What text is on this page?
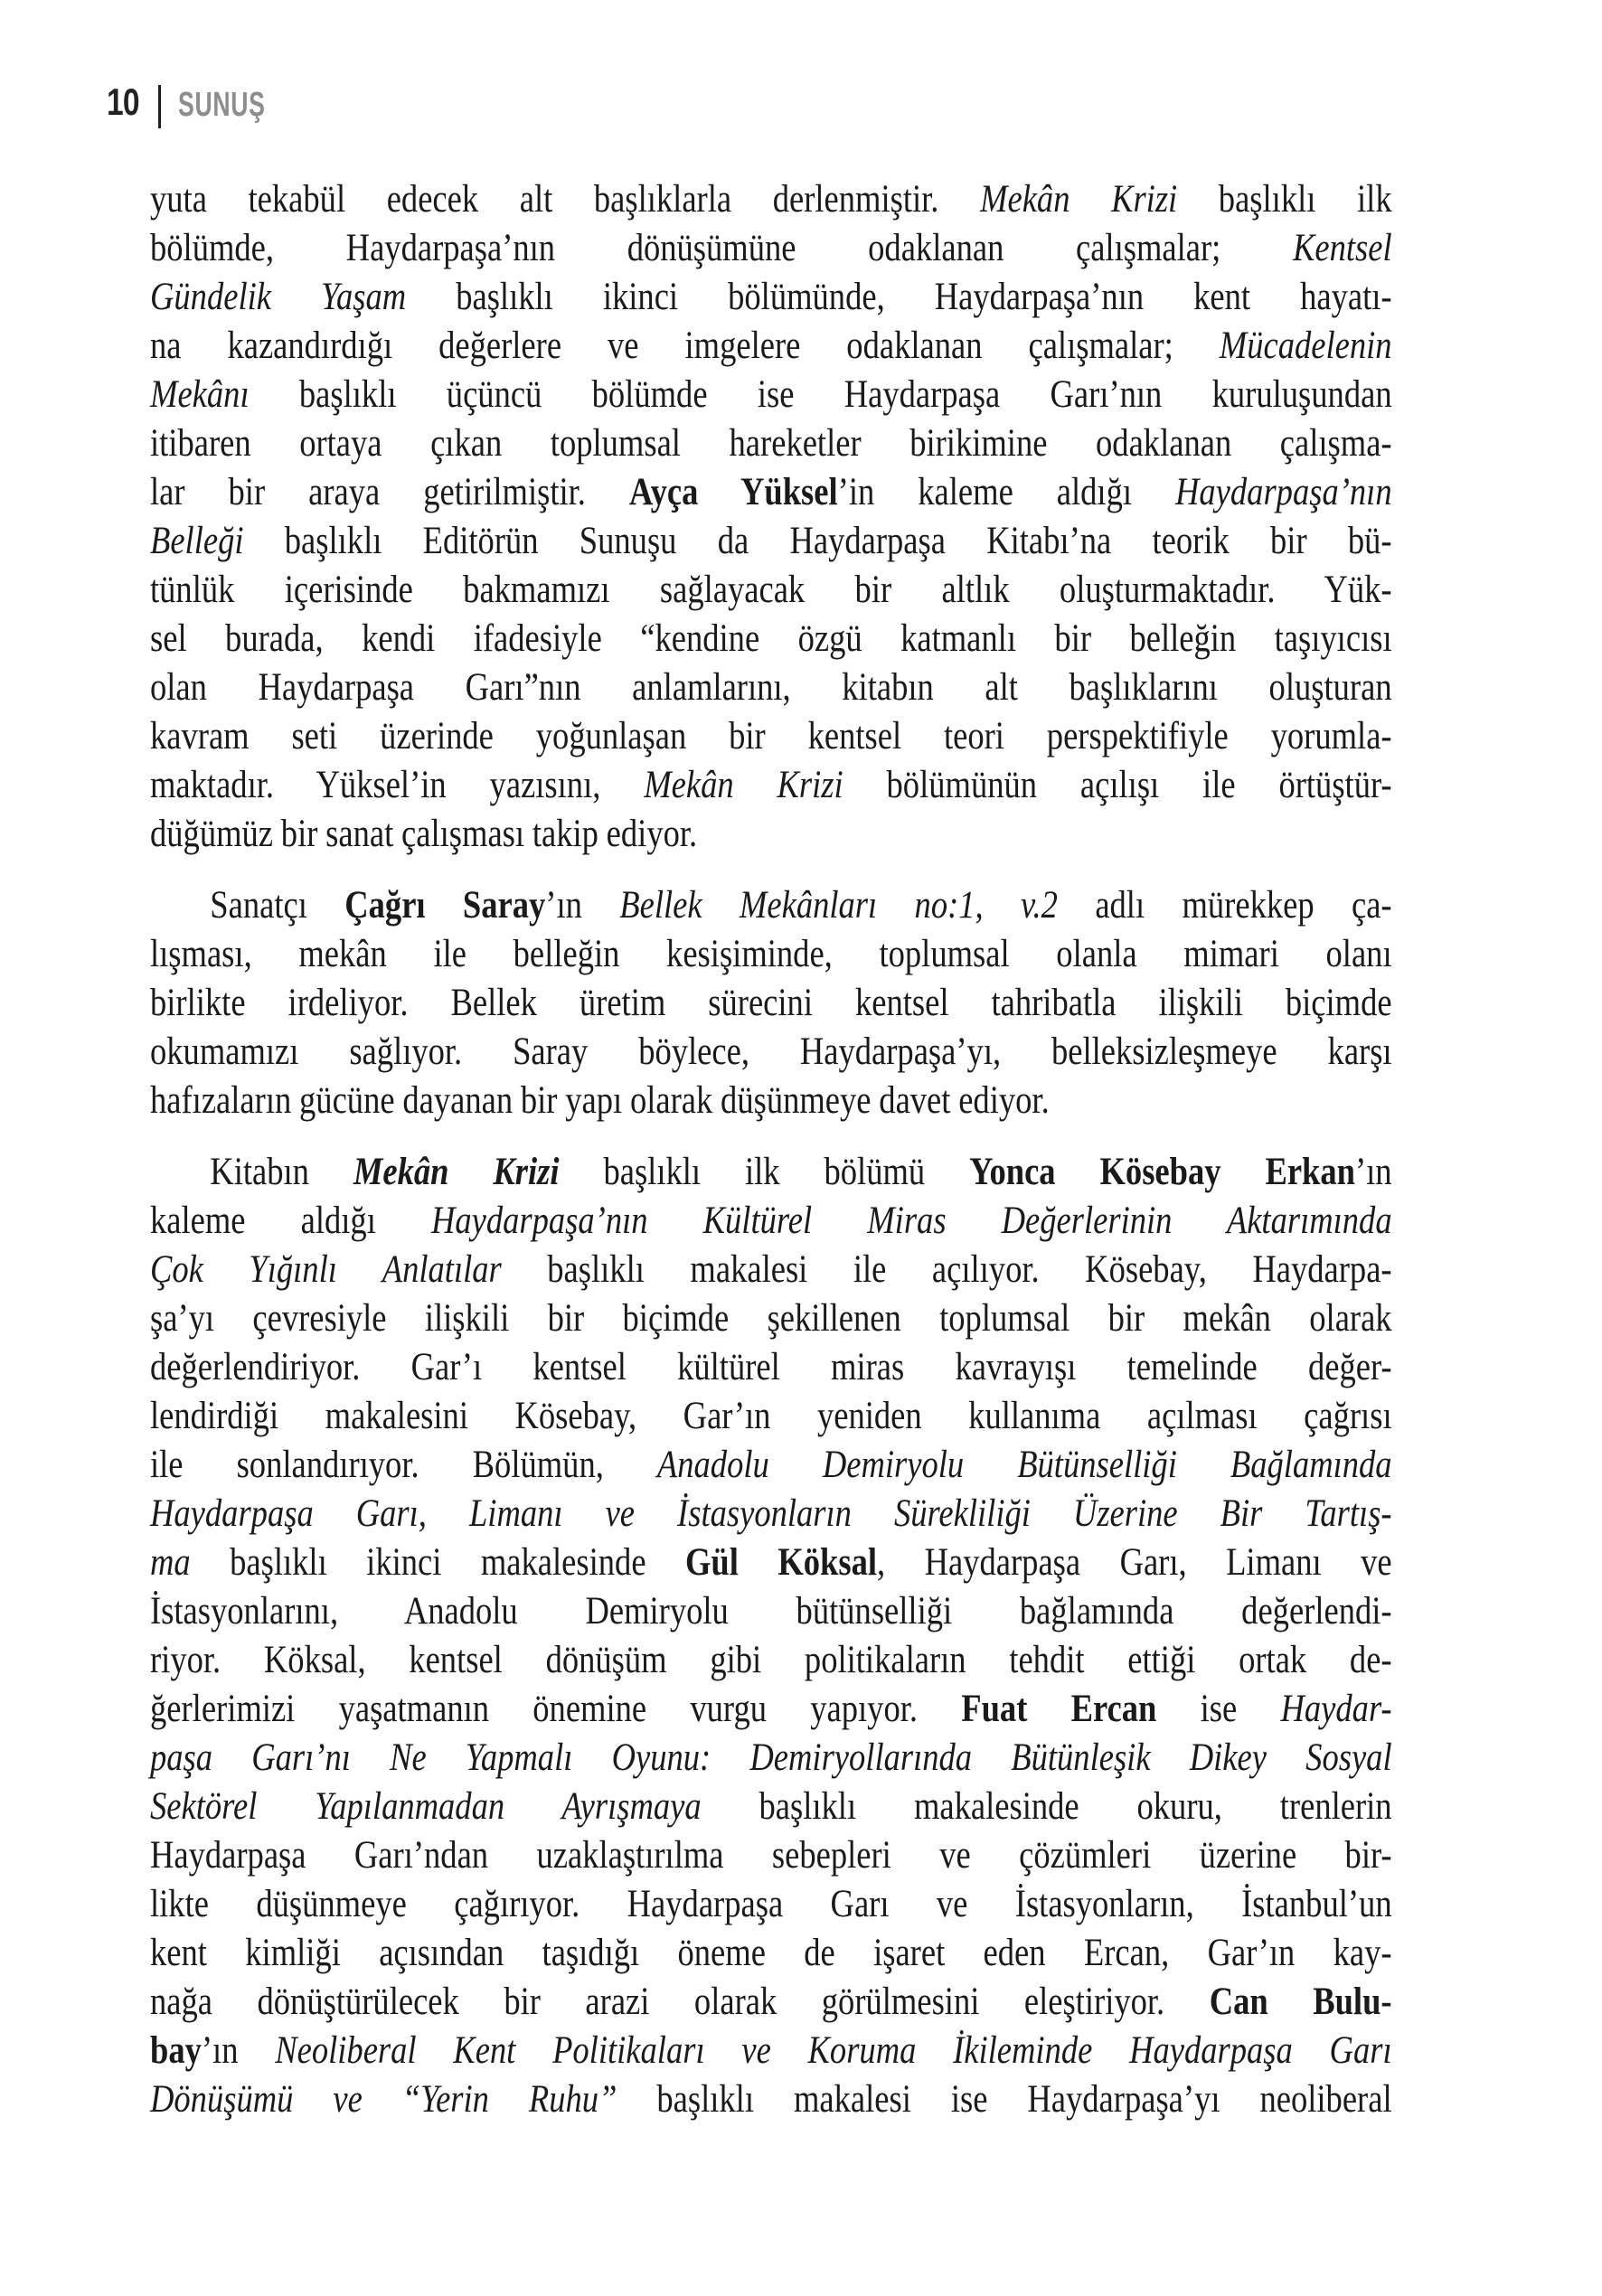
10 SUNUŞ
yuta tekabül edecek alt başlıklarla derlenmiştir. Mekân Krizi başlıklı ilk
bölümde, Haydarpaşa’nın dönüşümüne odaklanan çalışmalar; Kentsel
Gündelik Yaşam başlıklı ikinci bölümünde, Haydarpaşa’nın kent hayatı-
na kazandırdığı değerlere ve imgelere odaklanan çalışmalar; Mücadelenin
Mekânı başlıklı üçüncü bölümde ise Haydarpaşa Garı’nın kuruluşundan
itibaren ortaya çıkan toplumsal hareketler birikimine odaklanan çalışma-
lar bir araya getirilmiştir. Ayça Yüksel’in kaleme aldığı Haydarpaşa’nın
Belleği başlıklı Editörün Sunuşu da Haydarpaşa Kitabı’na teorik bir bü-
tünlük içerisinde bakmamızı sağlayacak bir altlık oluşturmaktadır. Yük-
sel burada, kendi ifadesiyle “kendine özgü katmanlı bir belleğin taşıyıcısı
olan Haydarpaşa Garı”nın anlamlarını, kitabın alt başlıklarını oluşturan
kavram seti üzerinde yoğunlaşan bir kentsel teori perspektifiyle yorumla-
maktadır. Yüksel’in yazısını, Mekân Krizi bölümünün açılışı ile örtüştür-
düğümüz bir sanat çalışması takip ediyor.
Sanatçı Çağrı Saray’ın Bellek Mekânları no:1, v.2 adlı mürekkep ça-
lışması, mekân ile belleğin kesişiminde, toplumsal olanla mimari olanı
birlikte irdeliyor. Bellek üretim sürecini kentsel tahribatla ilişkili biçimde
okumamızı sağlıyor. Saray böylece, Haydarpaşa’yı, belleksizleşmeye karşı
hafızaların gücüne dayanan bir yapı olarak düşünmeye davet ediyor.
Kitabın Mekân Krizi başlıklı ilk bölümü Yonca Kösebay Erkan’ın
kaleme aldığı Haydarpaşa’nın Kültürel Miras Değerlerinin Aktarımında
Çok Yığınlı Anlatılar başlıklı makalesi ile açılıyor. Kösebay, Haydarpa-
şa’yı çevresiyle ilişkili bir biçimde şekillenen toplumsal bir mekân olarak
değerlendiriyor. Gar’ı kentsel kültürel miras kavrayışı temelinde değer-
lendirdiği makalesini Kösebay, Gar’ın yeniden kullanıma açılması çağrısı
ile sonlandırıyor. Bölümün, Anadolu Demiryolu Bütünselliği Bağlamında
Haydarpaşa Garı, Limanı ve İstasyonların Sürekliliği Üzerine Bir Tartış-
ma başlıklı ikinci makalesinde Gül Köksal, Haydarpaşa Garı, Limanı ve
İstasyonlarını, Anadolu Demiryolu bütünselliği bağlamında değerlendi-
riyor. Köksal, kentsel dönüşüm gibi politikaların tehdit ettiği ortak de-
ğerlerimizi yaşatmanın önemine vurgu yapıyor. Fuat Ercan ise Haydar-
paşa Garı’nı Ne Yapmalı Oyunu: Demiryollarında Bütünleşik Dikey Sosyal
Sektörel Yapılanmadan Ayrışmaya başlıklı makalesinde okuru, trenlerin
Haydarpaşa Garı’ndan uzaklaştırılma sebepleri ve çözümleri üzerine bir-
likte düşünmeye çağırıyor. Haydarpaşa Garı ve İstasyonların, İstanbul’un
kent kimliği açısından taşıdığı öneme de işaret eden Ercan, Gar’ın kay-
nağa dönüştürülecek bir arazi olarak görülmesini eleştiriyor. Can Bulu-
bay’ın Neoliberal Kent Politikaları ve Koruma İkileminde Haydarpaşa Garı
Dönüşümü ve “Yerin Ruhu” başlıklı makalesi ise Haydarpaşa’yı neoliberal
